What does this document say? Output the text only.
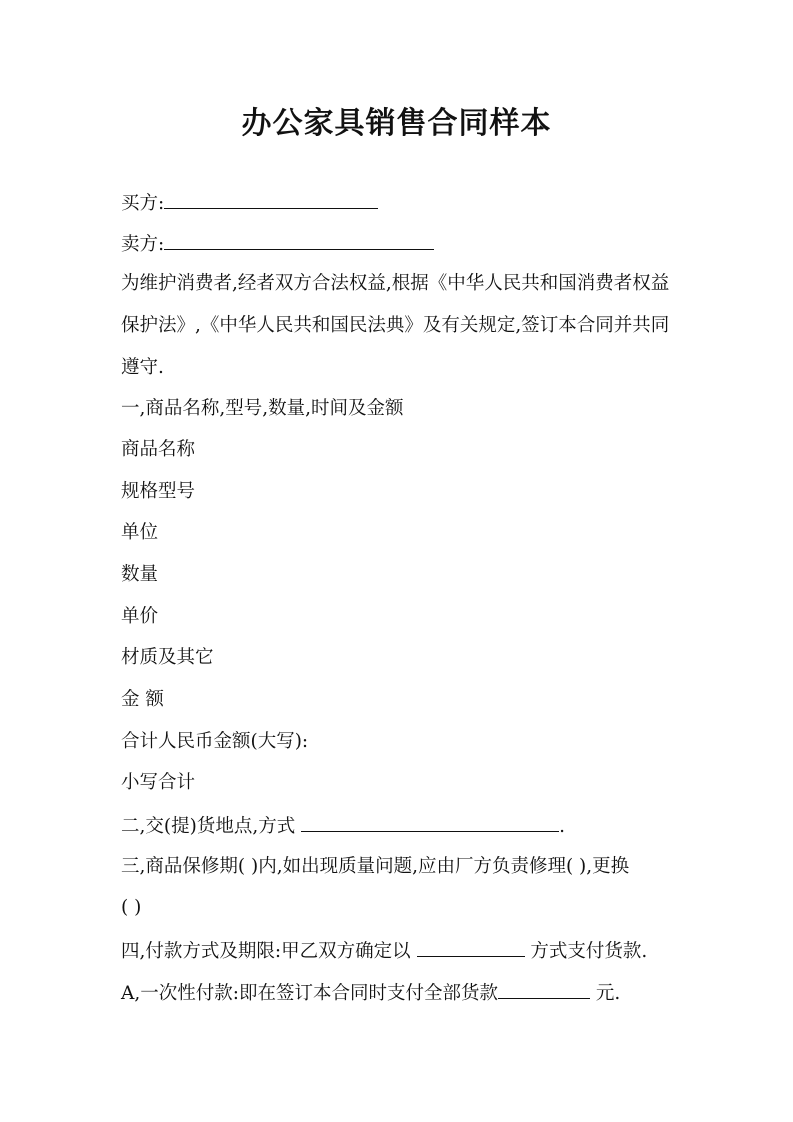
办公家具销售合同样本
买方:
卖方:
为维护消费者,经者双方合法权益,根据《中华人民共和国消费者权益
保护法》,《中华人民共和国民法典》及有关规定,签订本合同并共同
遵守.
一,商品名称,型号,数量,时间及金额
商品名称
规格型号
单位
数量
单价
材质及其它
金 额
合计人民币金额(大写):
小写合计
二,交(提)货地点,方式	.
三,商品保修期( )内,如出现质量问题,应由厂方负责修理( ),更换
( )
四,付款方式及期限:甲乙双方确定以	方式支付货款.
A,一次性付款:即在签订本合同时支付全部货款	元.
